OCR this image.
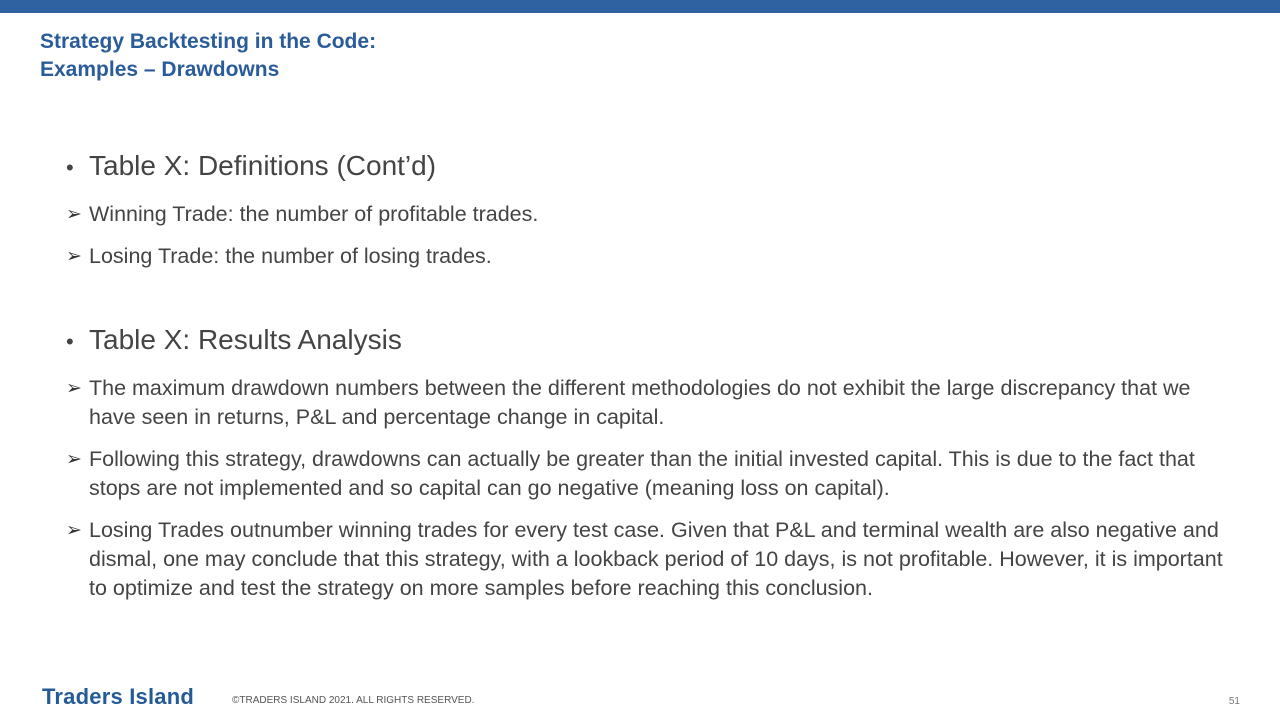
Strategy Backtesting in the Code:
Examples – Drawdowns
• Table X: Definitions (Cont’d)
➢ Winning Trade: the number of profitable trades.
➢ Losing Trade: the number of losing trades.
• Table X: Results Analysis
➢ The maximum drawdown numbers between the different methodologies do not exhibit the large discrepancy that we have seen in returns, P&L and percentage change in capital.
➢ Following this strategy, drawdowns can actually be greater than the initial invested capital. This is due to the fact that stops are not implemented and so capital can go negative (meaning loss on capital).
➢ Losing Trades outnumber winning trades for every test case. Given that P&L and terminal wealth are also negative and dismal, one may conclude that this strategy, with a lookback period of 10 days, is not profitable. However, it is important to optimize and test the strategy on more samples before reaching this conclusion.
Traders Island	©TRADERS ISLAND 2021. ALL RIGHTS RESERVED.	51
